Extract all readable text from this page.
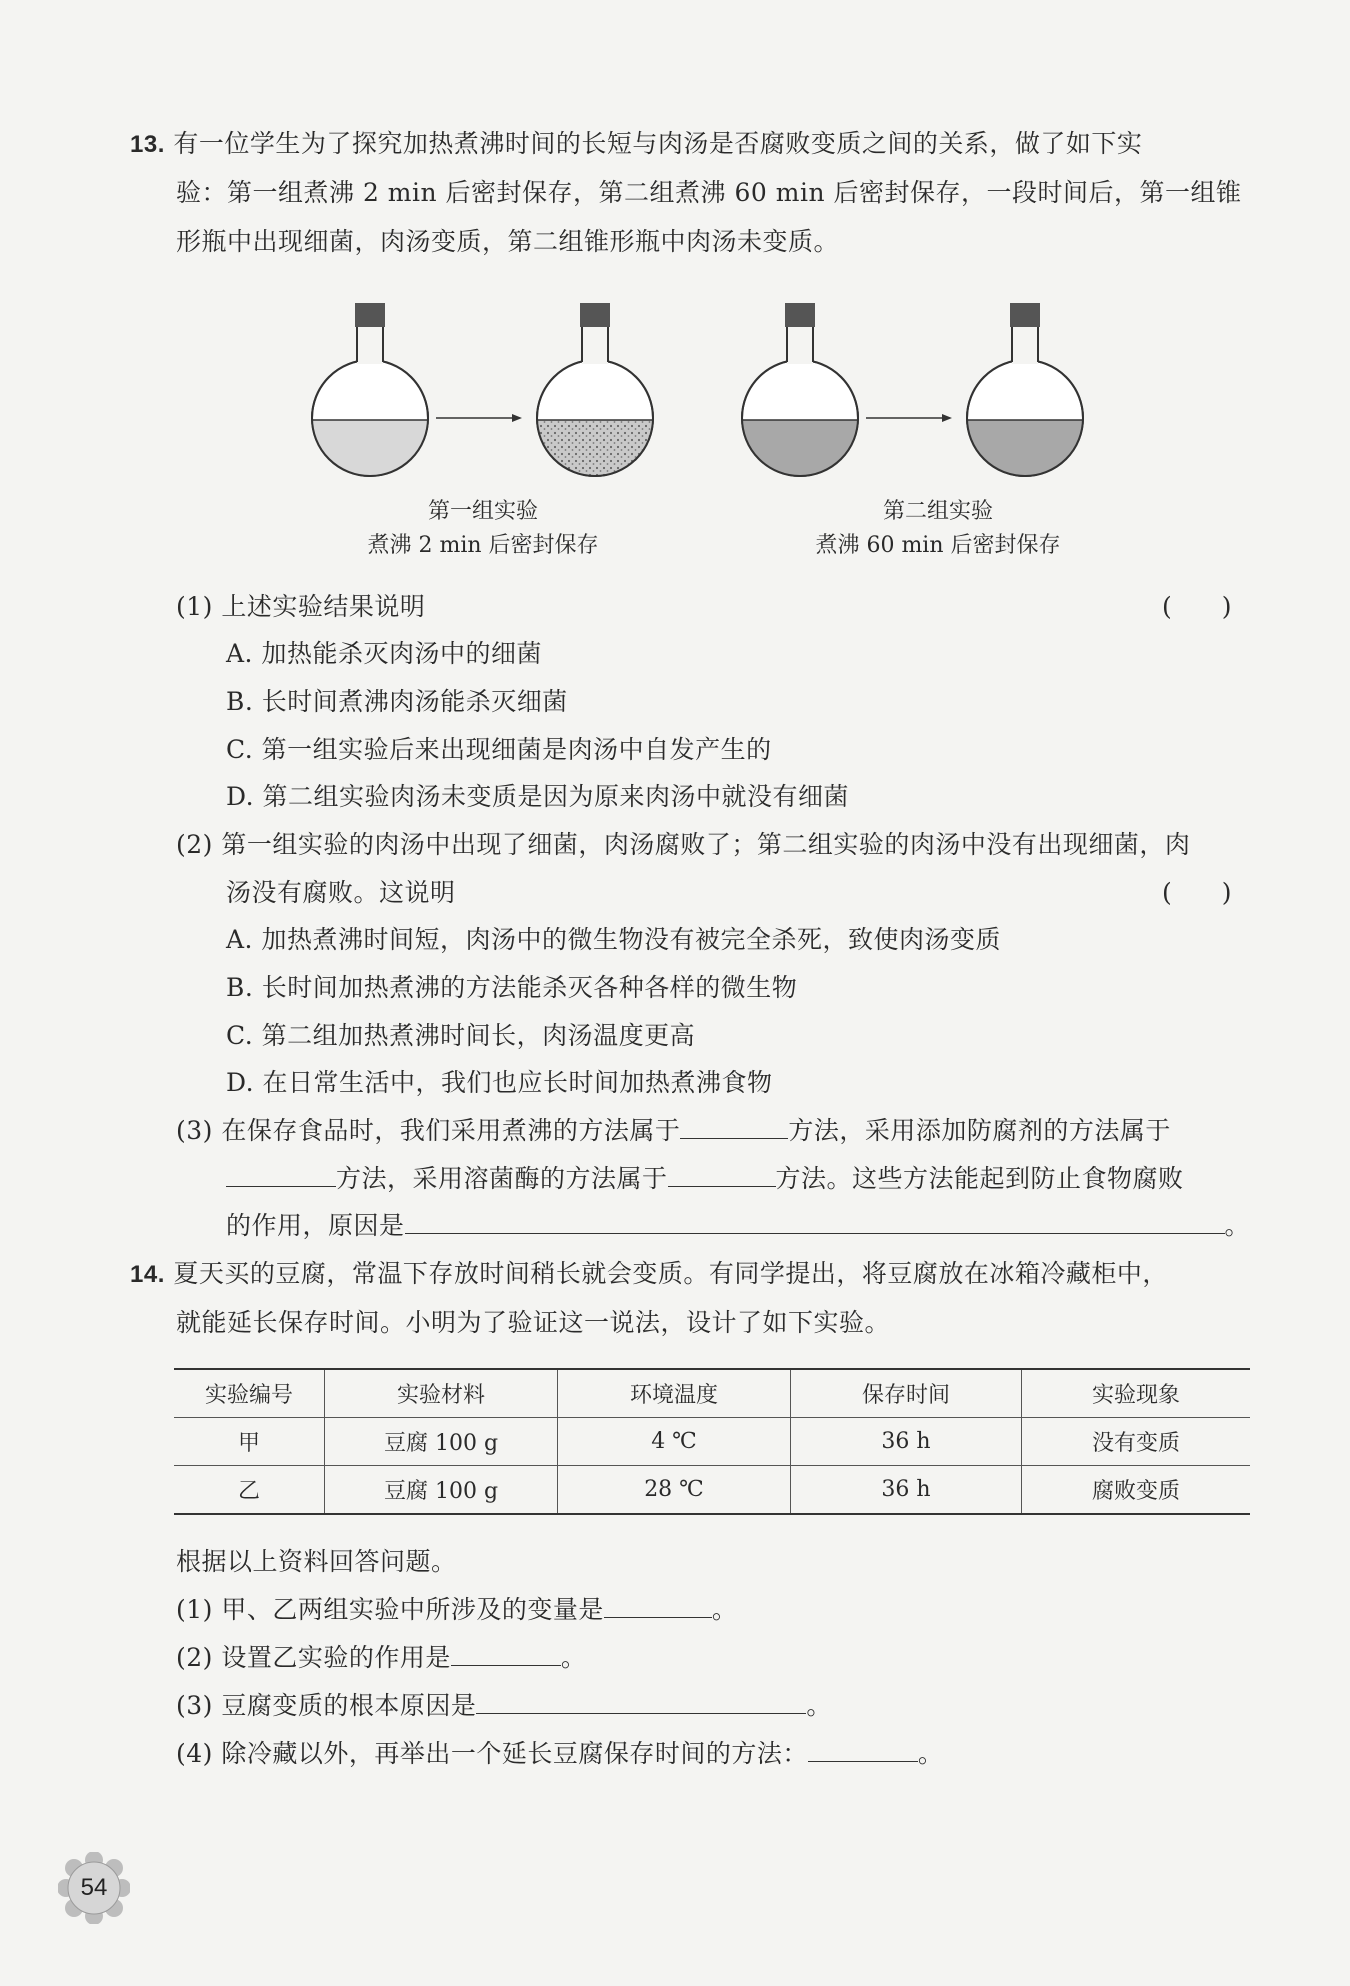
13. 有一位学生为了探究加热煮沸时间的长短与肉汤是否腐败变质之间的关系，做了如下实
验：第一组煮沸 2 min 后密封保存，第二组煮沸 60 min 后密封保存，一段时间后，第一组锥
形瓶中出现细菌，肉汤变质，第二组锥形瓶中肉汤未变质。
第一组实验
煮沸 2 min 后密封保存
第二组实验
煮沸 60 min 后密封保存
(1) 上述实验结果说明	(　　)
A. 加热能杀灭肉汤中的细菌
B. 长时间煮沸肉汤能杀灭细菌
C. 第一组实验后来出现细菌是肉汤中自发产生的
D. 第二组实验肉汤未变质是因为原来肉汤中就没有细菌
(2) 第一组实验的肉汤中出现了细菌，肉汤腐败了；第二组实验的肉汤中没有出现细菌，肉
汤没有腐败。这说明	(　　)
A. 加热煮沸时间短，肉汤中的微生物没有被完全杀死，致使肉汤变质
B. 长时间加热煮沸的方法能杀灭各种各样的微生物
C. 第二组加热煮沸时间长，肉汤温度更高
D. 在日常生活中，我们也应长时间加热煮沸食物
(3) 在保存食品时，我们采用煮沸的方法属于	方法，采用添加防腐剂的方法属于
方法，采用溶菌酶的方法属于	方法。这些方法能起到防止食物腐败
的作用，原因是	。
14. 夏天买的豆腐，常温下存放时间稍长就会变质。有同学提出，将豆腐放在冰箱冷藏柜中，
就能延长保存时间。小明为了验证这一说法，设计了如下实验。
实验编号	实验材料	环境温度	保存时间	实验现象
甲	豆腐 100 g	4 ℃	36 h	没有变质
乙	豆腐 100 g	28 ℃	36 h	腐败变质
根据以上资料回答问题。
(1) 甲、乙两组实验中所涉及的变量是	。
(2) 设置乙实验的作用是	。
(3) 豆腐变质的根本原因是	。
(4) 除冷藏以外，再举出一个延长豆腐保存时间的方法：	。
54
